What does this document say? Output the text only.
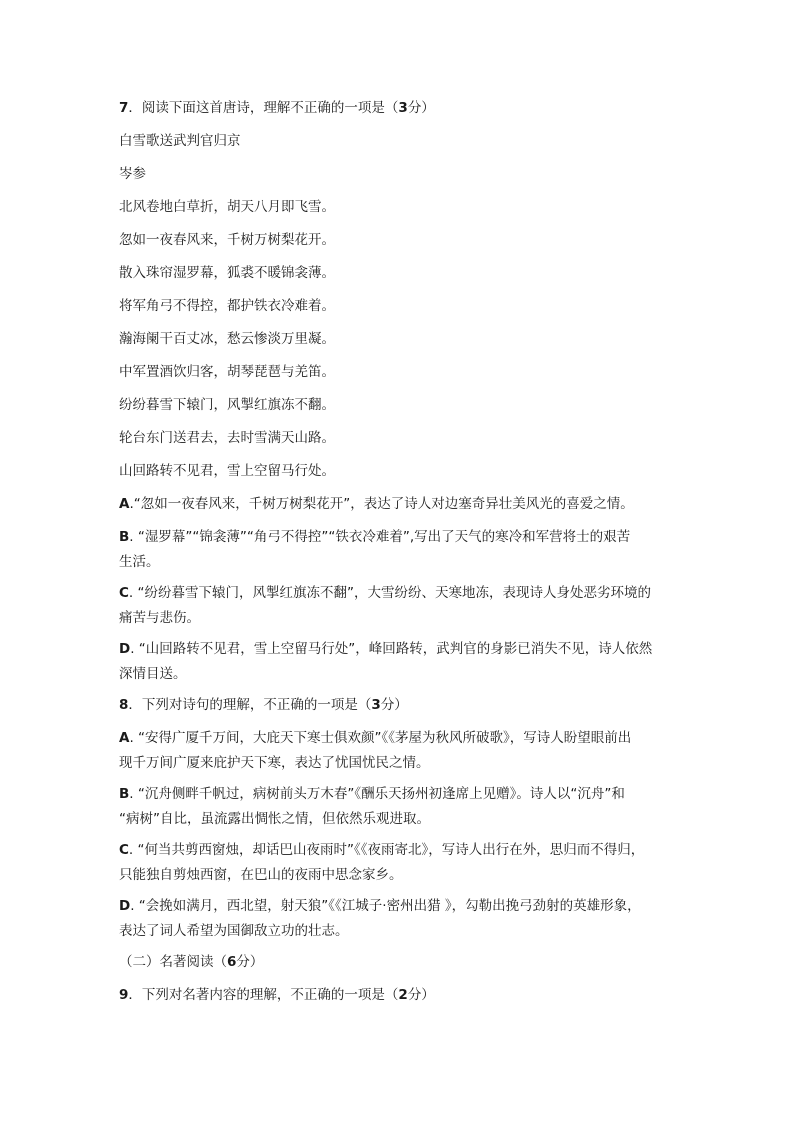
7．阅读下面这首唐诗，理解不正确的一项是（3分）
白雪歌送武判官归京
岑参
北风卷地白草折，胡天八月即飞雪。
忽如一夜春风来，千树万树梨花开。
散入珠帘湿罗幕，狐裘不暖锦衾薄。
将军角弓不得控，都护铁衣冷难着。
瀚海阑干百丈冰，愁云惨淡万里凝。
中军置酒饮归客，胡琴琵琶与羌笛。
纷纷暮雪下辕门，风掣红旗冻不翻。
轮台东门送君去，去时雪满天山路。
山回路转不见君，雪上空留马行处。
A.“忽如一夜春风来，千树万树梨花开”，表达了诗人对边塞奇异壮美风光的喜爱之情。
B. “湿罗幕”“锦衾薄”“角弓不得控”“铁衣冷难着”,写出了天气的寒冷和军营将士的艰苦
生活。
C. “纷纷暮雪下辕门，风掣红旗冻不翻”，大雪纷纷、天寒地冻，表现诗人身处恶劣环境的
痛苦与悲伤。
D. “山回路转不见君，雪上空留马行处”，峰回路转，武判官的身影已消失不见，诗人依然
深情目送。
8．下列对诗句的理解，不正确的一项是（3分）
A. “安得广厦千万间，大庇天下寒士俱欢颜”《《茅屋为秋风所破歌》，写诗人盼望眼前出
现千万间广厦来庇护天下寒，表达了忧国忧民之情。
B. “沉舟侧畔千帆过，病树前头万木春”《酬乐天扬州初逢席上见赠》。诗人以“沉舟”和
“病树”自比，虽流露出惆怅之情，但依然乐观进取。
C. “何当共剪西窗烛，却话巴山夜雨时”《《夜雨寄北》，写诗人出行在外，思归而不得归，
只能独自剪烛西窗，在巴山的夜雨中思念家乡。
D. “会挽如满月，西北望，射天狼”《《江城子·密州出猎 》，勾勒出挽弓劲射的英雄形象，
表达了词人希望为国御敌立功的壮志。
（二）名著阅读（6分）
9．下列对名著内容的理解，不正确的一项是（2分）
